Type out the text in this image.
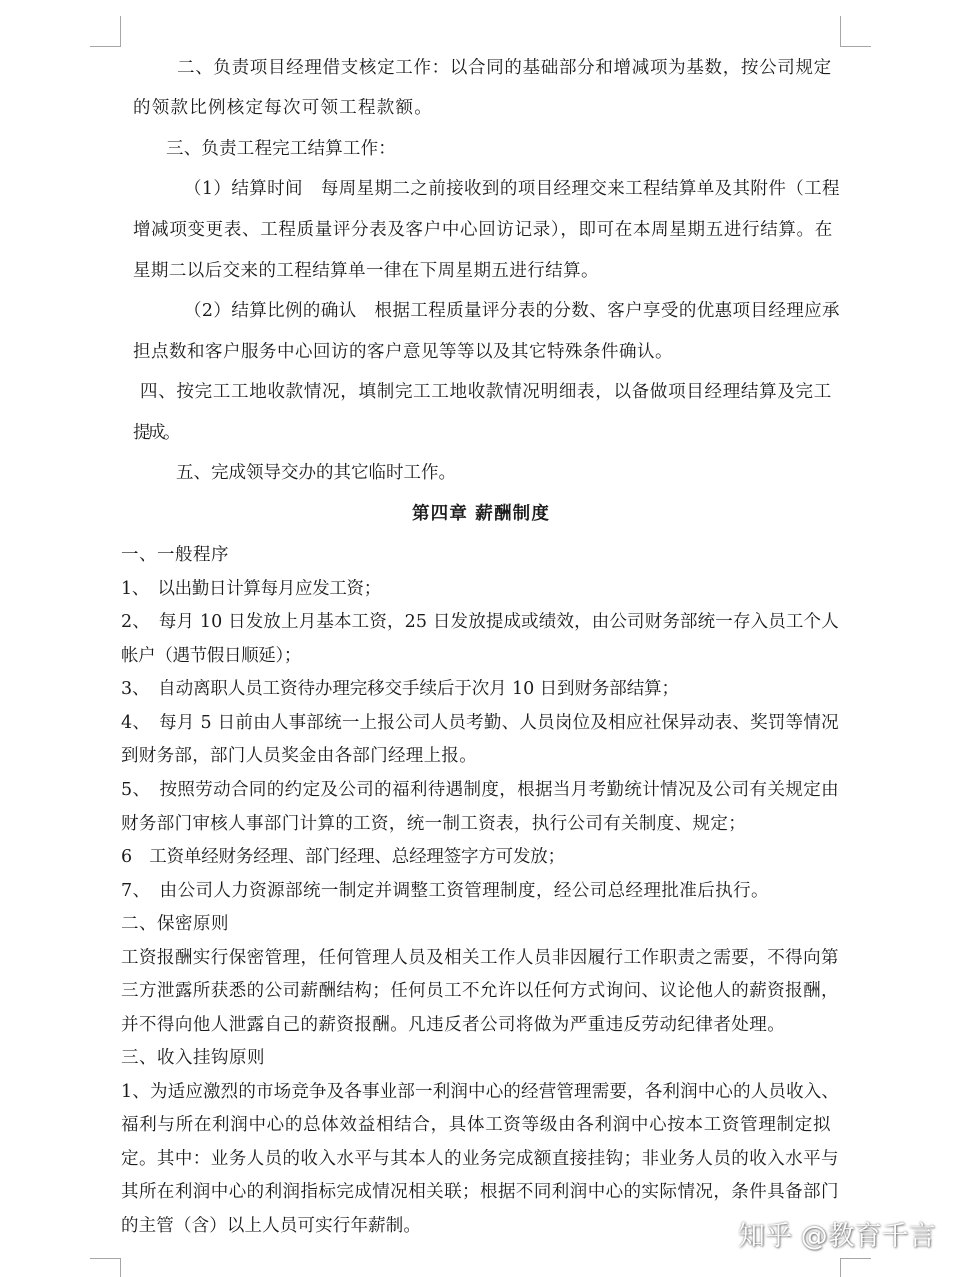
二、负责项目经理借支核定工作：以合同的基础部分和增减项为基数，按公司规定
的领款比例核定每次可领工程款额。
三、负责工程完工结算工作：
（1）结算时间　每周星期二之前接收到的项目经理交来工程结算单及其附件（工程
增减项变更表、工程质量评分表及客户中心回访记录），即可在本周星期五进行结算。在
星期二以后交来的工程结算单一律在下周星期五进行结算。
（2）结算比例的确认　根据工程质量评分表的分数、客户享受的优惠项目经理应承
担点数和客户服务中心回访的客户意见等等以及其它特殊条件确认。
四、按完工工地收款情况，填制完工工地收款情况明细表，以备做项目经理结算及完工
提成。
五、完成领导交办的其它临时工作。
第四章 薪酬制度
一、一般程序
1、　以出勤日计算每月应发工资；
2、　每月 10 日发放上月基本工资，25 日发放提成或绩效，由公司财务部统一存入员工个人
帐户（遇节假日顺延）；
3、　自动离职人员工资待办理完移交手续后于次月 10 日到财务部结算；
4、　每月 5 日前由人事部统一上报公司人员考勤、人员岗位及相应社保异动表、奖罚等情况
到财务部，部门人员奖金由各部门经理上报。
5、　按照劳动合同的约定及公司的福利待遇制度，根据当月考勤统计情况及公司有关规定由
财务部门审核人事部门计算的工资，统一制工资表，执行公司有关制度、规定；
6　工资单经财务经理、部门经理、总经理签字方可发放；
7、　由公司人力资源部统一制定并调整工资管理制度，经公司总经理批准后执行。
二、保密原则
工资报酬实行保密管理，任何管理人员及相关工作人员非因履行工作职责之需要，不得向第
三方泄露所获悉的公司薪酬结构；任何员工不允许以任何方式询问、议论他人的薪资报酬，
并不得向他人泄露自己的薪资报酬。凡违反者公司将做为严重违反劳动纪律者处理。
三、收入挂钩原则
1、为适应激烈的市场竞争及各事业部一利润中心的经营管理需要，各利润中心的人员收入、
福利与所在利润中心的总体效益相结合，具体工资等级由各利润中心按本工资管理制定拟
定。其中：业务人员的收入水平与其本人的业务完成额直接挂钩；非业务人员的收入水平与
其所在利润中心的利润指标完成情况相关联；根据不同利润中心的实际情况，条件具备部门
的主管（含）以上人员可实行年薪制。	知乎 @教育千言
